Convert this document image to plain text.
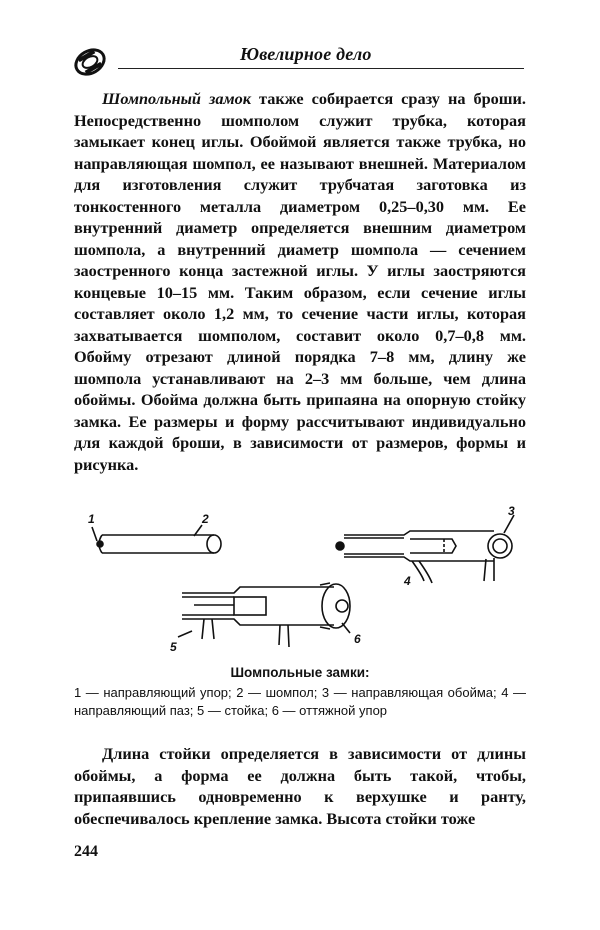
Ювелирное дело

Шомпольный замок также собирается сразу на броши. Непосредственно шомполом служит трубка, которая замыкает конец иглы. Обоймой является также трубка, но направляющая шомпол, ее называют внешней. Материалом для изготовления служит трубчатая заготовка из тонкостенного металла диаметром 0,25–0,30 мм. Ее внутренний диаметр определяется внешним диаметром шомпола, а внутренний диаметр шомпола — сечением заостренного конца застежной иглы. У иглы заостряются концевые 10–15 мм. Таким образом, если сечение иглы составляет около 1,2 мм, то сечение части иглы, которая захватывается шомполом, составит около 0,7–0,8 мм. Обойму отрезают длиной порядка 7–8 мм, длину же шомпола устанавливают на 2–3 мм больше, чем длина обоймы. Обойма должна быть припаяна на опорную стойку замка. Ее размеры и форму рассчитывают индивидуально для каждой броши, в зависимости от размеров, формы и рисунка.

1	2
3
4
5
6
Шомпольные замки:

1 — направляющий упор; 2 — шомпол; 3 — направляющая обойма; 4 — направляющий паз; 5 — стойка; 6 — оттяжной упор

Длина стойки определяется в зависимости от длины обоймы, а форма ее должна быть такой, чтобы, припаявшись одновременно к верхушке и ранту, обеспечивалось крепление замка. Высота стойки тоже

244
